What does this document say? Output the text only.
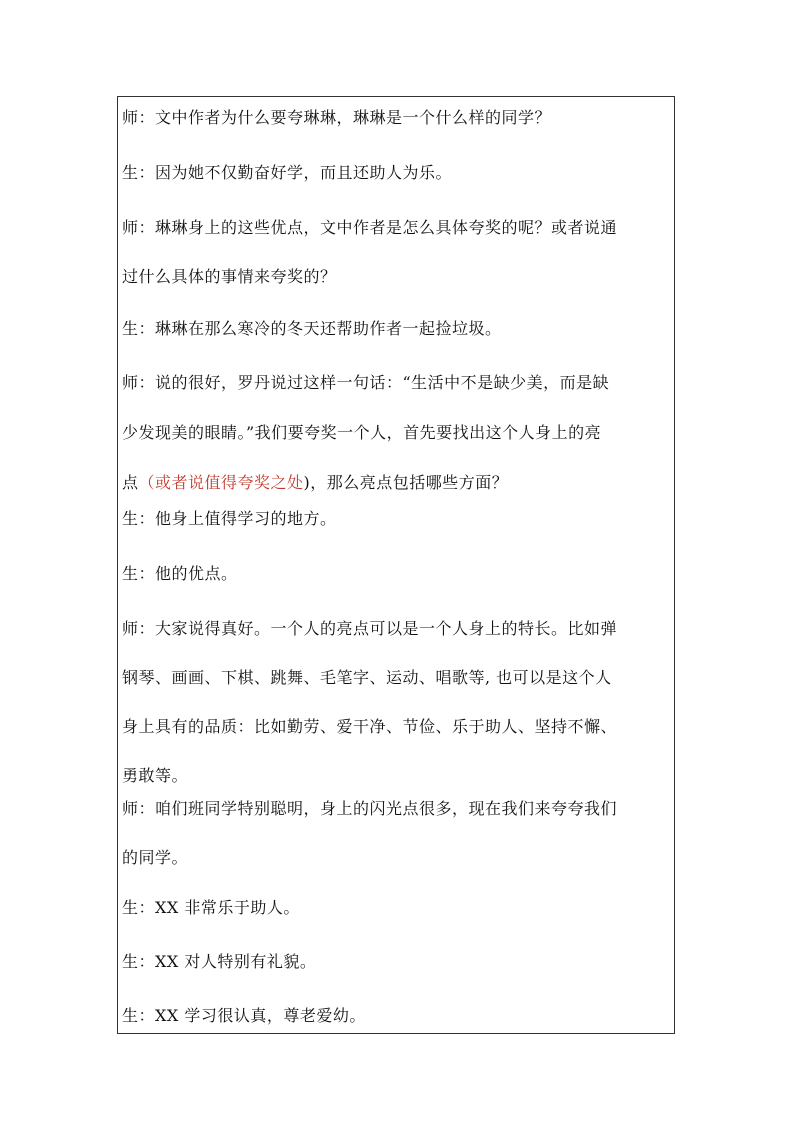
师：文中作者为什么要夸琳琳，琳琳是一个什么样的同学？

生：因为她不仅勤奋好学，而且还助人为乐。

师：琳琳身上的这些优点，文中作者是怎么具体夸奖的呢？或者说通
过什么具体的事情来夸奖的？

生：琳琳在那么寒冷的冬天还帮助作者一起捡垃圾。

师：说的很好，罗丹说过这样一句话：“生活中不是缺少美，而是缺
少发现美的眼睛。”我们要夸奖一个人，首先要找出这个人身上的亮
点（或者说值得夸奖之处)，那么亮点包括哪些方面？

生：他身上值得学习的地方。

生：他的优点。

师：大家说得真好。一个人的亮点可以是一个人身上的特长。比如弹
钢琴、画画、下棋、跳舞、毛笔字、运动、唱歌等, 也可以是这个人
身上具有的品质：比如勤劳、爱干净、节俭、乐于助人、坚持不懈、
勇敢等。

师：咱们班同学特别聪明，身上的闪光点很多，现在我们来夸夸我们
的同学。

生：XX 非常乐于助人。

生：XX 对人特别有礼貌。

生：XX 学习很认真，尊老爱幼。
